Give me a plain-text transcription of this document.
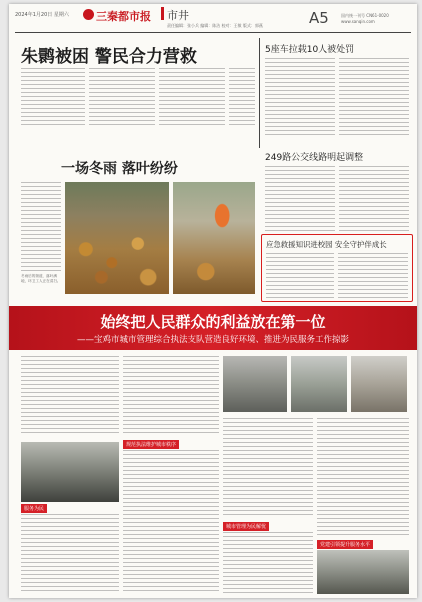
2024年1月20日 星期六 三秦都市报 市井
责任编辑：张小兵 编辑：陈洁 校对：王敏 版式：郭燕	A5	国内统一刊号 CN61-0020 www.sanqin.com
朱鹮被困 警民合力营救	5座车拉载10人被处罚
249路公交线路明起调整
一场冬雨 落叶纷纷
冬雨后的街道，落叶满地，环卫工人正在清扫。
应急救援知识进校园 安全守护伴成长
始终把人民群众的利益放在第一位
——宝鸡市城市管理综合执法支队营造良好环境、推进为民服务工作掠影
服务为民
规范执法维护城市秩序
城市管理为民解忧
党建引领提升服务水平
